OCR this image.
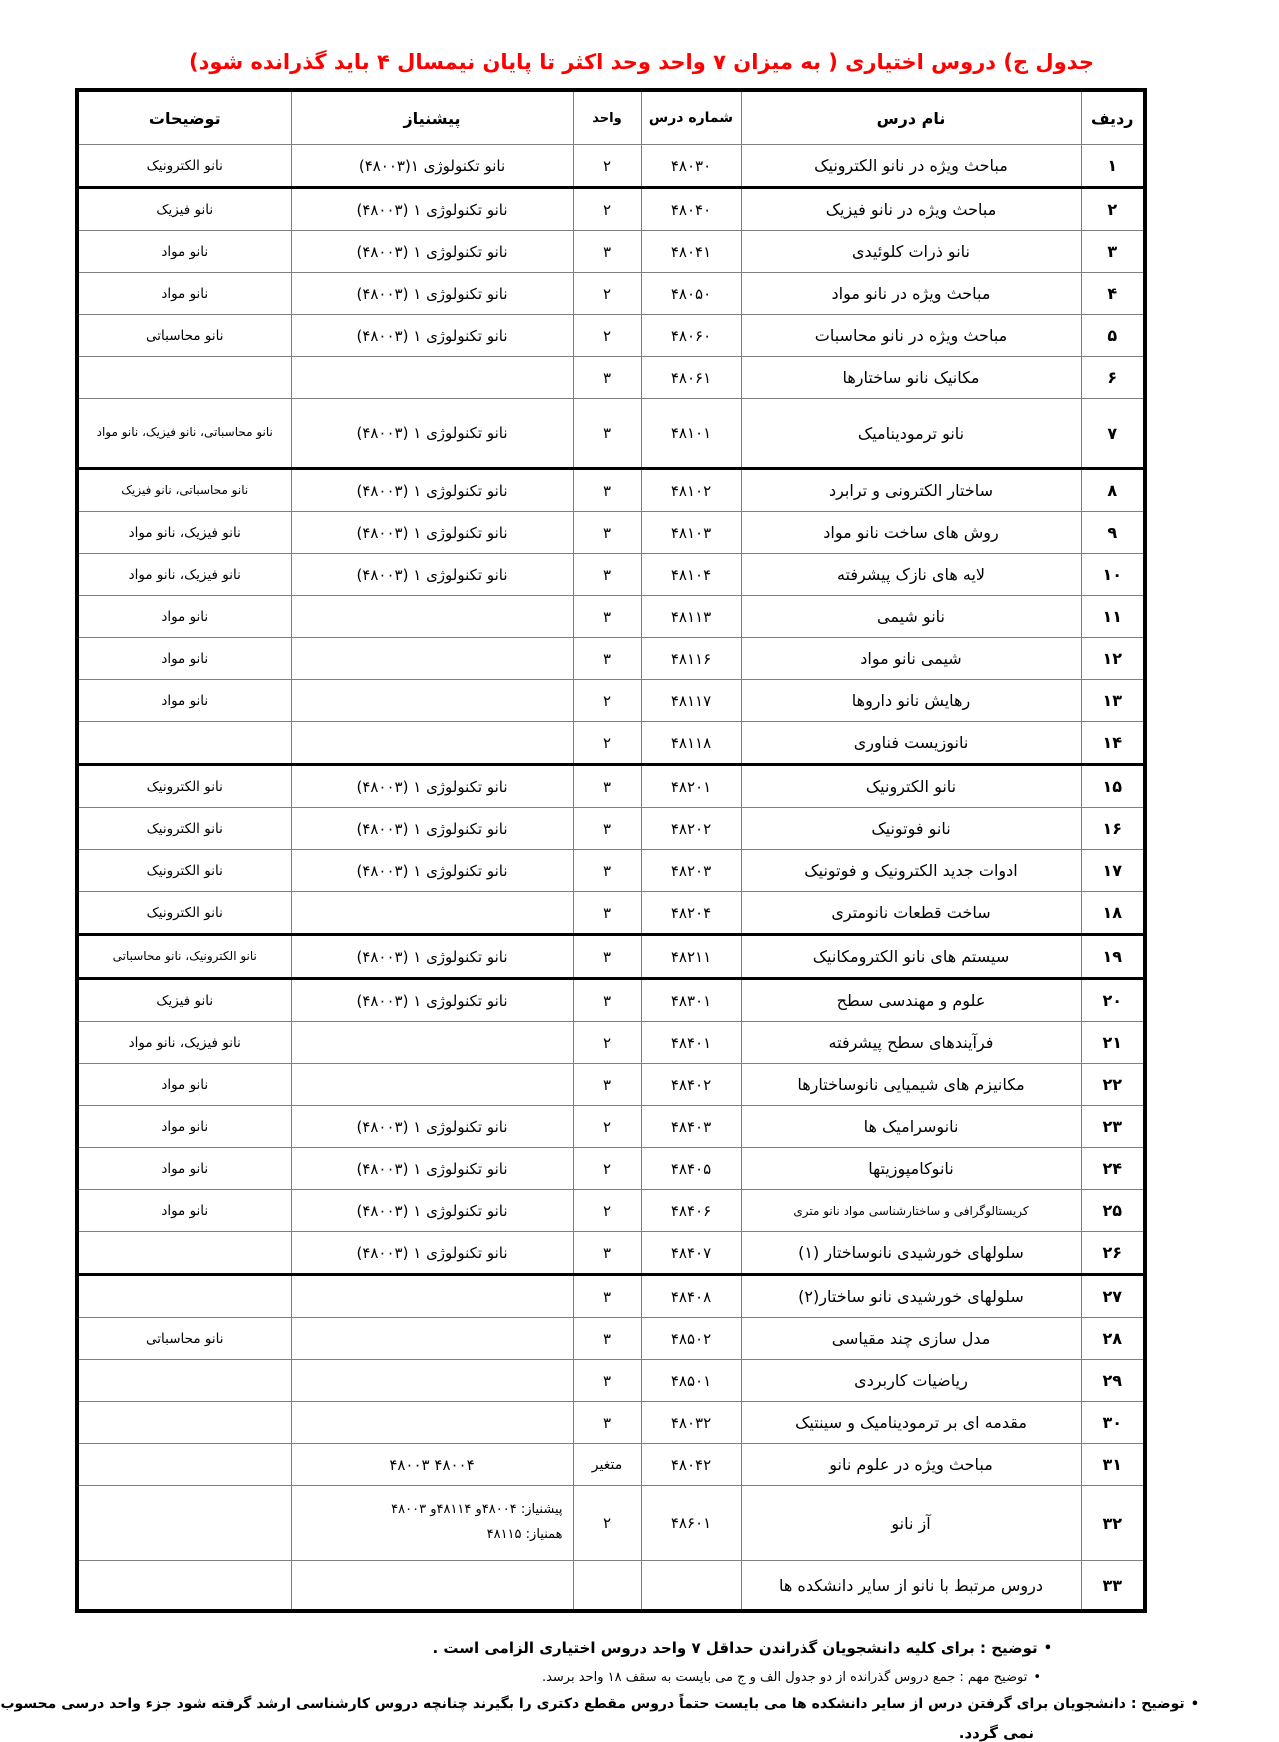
جدول ج) دروس اختیاری ( به میزان ۷ واحد وحد اکثر تا پایان نیمسال ۴ باید گذرانده شود)
ردیف	نام درس	شماره درس	واحد	پیشنیاز	توضیحات
۱	مباحث ویژه در نانو الکترونیک	۴۸۰۳۰	۲	نانو تکنولوژی ۱(۴۸۰۰۳)	نانو الکترونیک
۲	مباحث ویژه در نانو فیزیک	۴۸۰۴۰	۲	نانو تکنولوژی ۱ (۴۸۰۰۳)	نانو فیزیک
۳	نانو ذرات کلوئیدی	۴۸۰۴۱	۳	نانو تکنولوژی ۱ (۴۸۰۰۳)	نانو مواد
۴	مباحث ویژه در نانو مواد	۴۸۰۵۰	۲	نانو تکنولوژی ۱ (۴۸۰۰۳)	نانو مواد
۵	مباحث ویژه در نانو محاسبات	۴۸۰۶۰	۲	نانو تکنولوژی ۱ (۴۸۰۰۳)	نانو محاسباتی
۶	مکانیک نانو ساختارها	۴۸۰۶۱	۳		
۷	نانو ترمودینامیک	۴۸۱۰۱	۳	نانو تکنولوژی ۱ (۴۸۰۰۳)	نانو محاسباتی، نانو فیزیک، نانو مواد
۸	ساختار الکترونی و ترابرد	۴۸۱۰۲	۳	نانو تکنولوژی ۱ (۴۸۰۰۳)	نانو محاسباتی، نانو فیزیک
۹	روش های ساخت نانو مواد	۴۸۱۰۳	۳	نانو تکنولوژی ۱ (۴۸۰۰۳)	نانو فیزیک، نانو مواد
۱۰	لایه های نازک پیشرفته	۴۸۱۰۴	۳	نانو تکنولوژی ۱ (۴۸۰۰۳)	نانو فیزیک، نانو مواد
۱۱	نانو شیمی	۴۸۱۱۳	۳		نانو مواد
۱۲	شیمی نانو مواد	۴۸۱۱۶	۳		نانو مواد
۱۳	رهایش نانو داروها	۴۸۱۱۷	۲		نانو مواد
۱۴	نانوزیست فناوری	۴۸۱۱۸	۲		
۱۵	نانو الکترونیک	۴۸۲۰۱	۳	نانو تکنولوژی ۱ (۴۸۰۰۳)	نانو الکترونیک
۱۶	نانو فوتونیک	۴۸۲۰۲	۳	نانو تکنولوژی ۱ (۴۸۰۰۳)	نانو الکترونیک
۱۷	ادوات جدید الکترونیک و فوتونیک	۴۸۲۰۳	۳	نانو تکنولوژی ۱ (۴۸۰۰۳)	نانو الکترونیک
۱۸	ساخت قطعات نانومتری	۴۸۲۰۴	۳		نانو الکترونیک
۱۹	سیستم های نانو الکترومکانیک	۴۸۲۱۱	۳	نانو تکنولوژی ۱ (۴۸۰۰۳)	نانو الکترونیک، نانو محاسباتی
۲۰	علوم و مهندسی سطح	۴۸۳۰۱	۳	نانو تکنولوژی ۱ (۴۸۰۰۳)	نانو فیزیک
۲۱	فرآیندهای سطح پیشرفته	۴۸۴۰۱	۲		نانو فیزیک، نانو مواد
۲۲	مکانیزم های شیمیایی نانوساختارها	۴۸۴۰۲	۳		نانو مواد
۲۳	نانوسرامیک ها	۴۸۴۰۳	۲	نانو تکنولوژی ۱ (۴۸۰۰۳)	نانو مواد
۲۴	نانوکامپوزیتها	۴۸۴۰۵	۲	نانو تکنولوژی ۱ (۴۸۰۰۳)	نانو مواد
۲۵	کریستالوگرافی و ساختارشناسی مواد نانو متری	۴۸۴۰۶	۲	نانو تکنولوژی ۱ (۴۸۰۰۳)	نانو مواد
۲۶	سلولهای خورشیدی نانوساختار (۱)	۴۸۴۰۷	۳	نانو تکنولوژی ۱ (۴۸۰۰۳)	
۲۷	سلولهای خورشیدی نانو ساختار(۲)	۴۸۴۰۸	۳		
۲۸	مدل سازی چند مقیاسی	۴۸۵۰۲	۳		نانو محاسباتی
۲۹	ریاضیات کاربردی	۴۸۵۰۱	۳		
۳۰	مقدمه ای بر ترمودینامیک و سینتیک	۴۸۰۳۲	۳		
۳۱	مباحث ویژه در علوم نانو	۴۸۰۴۲	متغیر	۴۸۰۰۴ ۴۸۰۰۳	
۳۲	آز نانو	۴۸۶۰۱	۲	پیشنیاز: ۴۸۰۰۴و ۴۸۱۱۴و ۴۸۰۰۳
همنیاز: ۴۸۱۱۵	

۳۳	دروس مرتبط با نانو از سایر دانشکده ها				
•توضیح : برای کلیه دانشجویان گذراندن حداقل ۷ واحد دروس اختیاری الزامی است .
•توضیح مهم : جمع دروس گذرانده از دو جدول الف و ج می بایست به سقف ۱۸ واحد برسد.
•توضیح : دانشجویان برای گرفتن درس از سایر دانشکده ها می بایست حتماً دروس مقطع دکتری را بگیرند چنانچه دروس کارشناسی ارشد گرفته شود جزء واحد درسی محسوب
نمی گردد.
